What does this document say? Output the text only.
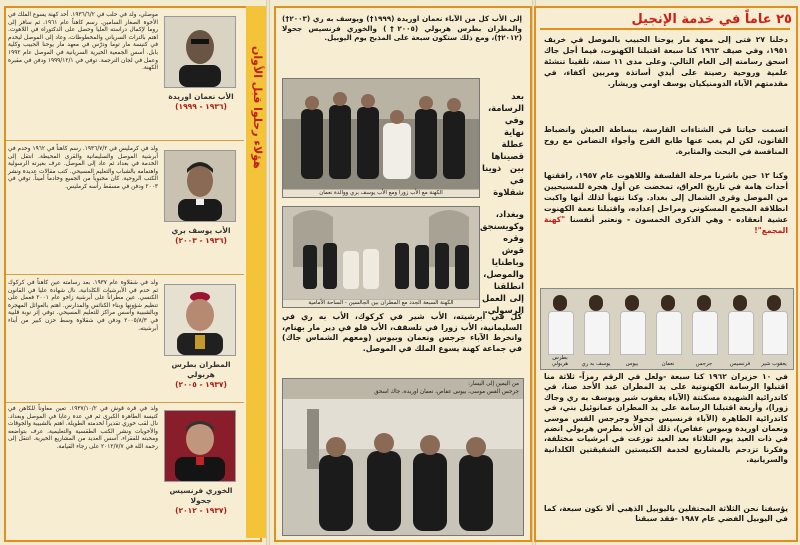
هؤلاء رحلوا قبل الأوان
موصلي، ولد في حلب في ١٩٣٦/٦/٢. أحد كهنة يسوع الملك في الأخوة الصغار السامين. رسم كاهناً عام ١٩٦١، ثم سافر إلى روما لإكمال دراسته العليا وحصل على الدكتوراه في اللاهوت. اهتم بالتراث السرياني والمخطوطات، وعاد إلى الموصل ليخدم في كنيسة مار توما ودرّس في معهد مار يوحنا الحبيب وكلية بابل. أسس الجمعية الخيرية السريانية في الموصل عام ١٩٩٢ وعمل في لجان الترجمة. توفي في ١٩٩٩/١٢/١ ودفن في مقبرة الكهنة.
الأب نعمان اوريدة
(١٩٣٦ - ١٩٩٩)
ولد في كرمليس في ١٩٣٦/٧/٢. رسم كاهناً في ١٩٦٢ وخدم في أبرشية الموصل والسليمانية والقرى المحيطة. انتقل إلى الخدمة في بغداد ثم عاد إلى الموصل. عرف بغيرته الرسولية واهتمامه بالشباب والتعليم المسيحي. كتب مقالات عديدة ونشر الكتب الروحية. كان محبوباً من الجميع وخادماً أميناً. توفي في ٢٠٠٣ ودفن في مسقط رأسه كرمليس.
الأب يوسف بري
(١٩٣٦ - ٢٠٠٣)
ولد في شقلاوة عام ١٩٣٧. بعد رسامته عين كاهناً في كركوك ثم خدم في الأبرشيات الكلدانية. نال شهادة عليا في القانون الكنسي. عين مطراناً على أبرشية زاخو عام ٢٠٠١ فعمل على تنظيم شؤونها وبناء الكنائس والمدارس. اهتم بالعوائل المهجرة وبالشبيبة وأسس مراكز للتعليم المسيحي. توفي إثر نوبة قلبية في ٢٠٠٥/٨/٣ ودفن في شقلاوة وسط حزن كبير من أبناء أبرشيته.
المطران بطرس هربولي
(١٩٣٧ - ٢٠٠٥)
ولد في قره قوش في ١٩٣٧/١٠/٢. تعين معاوناً للكاهن في كنيسة الطاهرة الكبرى ثم في عدة رعايا في الموصل وبغداد. نال لقب خوري تقديراً لخدمته الطويلة. اهتم بالشبيبة والجوقات والأخويات ونشر الكتب الطقسية والتعليمية. عرف بتواضعه ومحبته للفقراء. أسس العديد من المشاريع الخيرية. انتقل إلى رحمة الله في ٢٠١٢/٧/٧ على رجاء القيامة.
الخوري فرنسيس جحولا
(١٩٣٧ - ٢٠١٢)
إلى الأب كل من الآباء نعمان اوريدة (١٩٩٩†) ويوسف به ري (٢٠٠٣†) والمطران بطرس هربولي (٢٠٠٥†) والخوري فرنسيس جحولا (٢٠١٢†)، ومع ذلك ستكون سبعة على المذبح يوم اليوبيل.
الكهنة مع الأب زورا ومع الأب يوسف بري ووالدة نعمان
بعد الرسامة، وفي نهاية عطلة قصيناها بين ذوينا في شقلاوة
الكهنة السبعة الجدد مع المطران بين الجالسين - الساحة الأمامية
وبغداد، وكويسنجق وقره قوش وباطنايا والموصل، انطلقنا إلى العمل الرسولي.
كل في أبرشيته، الأب شير في كركوك، الأب به ري في السليمانية، الأب زورا في تلسقف، الأب قلو في دير مار بهنام، وانخرط الآباء جرجس ونعمان وبيوس (ومعهم الشماس جاك) في جماعة كهنة يسوع الملك في الموصل.
من اليمين إلى اليسار:
جرجس القس موسى، بيوس عفاص، نعمان اوريدة، جاك اسحق
٢٥ عاماً في خدمة الإنجيل
دخلنا ٢٧ فتى إلى معهد مار يوحنا الحبيب بالموصل في خريف ١٩٥١، وفي صيف ١٩٦٢ كنا سبعة اقتبلنا الكهنوت، فيما أجل جاك اسحق رسامته إلى العام التالي. وعلى مدى ١١ سنة، تلقينا تنشئة علمية وروحية رصينة على أيدي أساتذة ومربين أكفاء، في مقدمتهم الآباء الدومنيكيان يوسف اومي وريشار.
اتسمت حياتنا في الشتاءات القارسة، ببساطة العيش وانضباط القانون، لكن لم يغب عنها طابع الفرح وأجواء التضامن مع روح المنافسة في البحث والمثابرة.
وكنا ١٢ حين باشرنا مرحلة الفلسفة واللاهوت عام ١٩٥٧، رافقتها أحداث هامة في تاريخ العراق، تمخضت عن أول هجرة للمسيحيين من الموصل وقرى الشمال إلى بغداد. وكنا نتهيأ لذلك أنها واكبت انطلاقة المجمع المسكوني ومراحل إعداده، واقتبلنا نعمة الكهنوت عشية انعقاده - وهي الذكرى الخمسون - ونعتبر أنفسنا "كهنة المجمع"!
بطرس هربولي	يوسف به ري	بيوس	نعمان	جرجس	فرنسيس	يعقوب شير
في ١٠ حزيران ١٩٦٢ كنا سبعة -ولعل في الرقم رمزاً- ثلاثة منا اقتبلوا الرسامة الكهنوتية على يد المطران عبد الأحد صنا، في كاتدرائية الشهيدة مسكنتة (الآباء يعقوب شير ويوسف به ري وجاك زورا)، وأربعة اقتبلنا الرسامة على يد المطران عمانوئيل بني، في كاتدرائية الطاهرة (الآباء فرنسيس جحولا وجرجس القس موسى ونعمان اوريدة وبيوس عفاص)، ذلك أن الأب بطرس هربولي انضم في ذات العيد يوم الثلاثاء بعد العيد توزعت في أبرشيات مختلفة، وفكرنا تزدحم بالمشاريع لخدمة الكنيستين الشقيقتين الكلدانية والسريانية.
يؤسفنا نحن الثلاثة المحتفلين باليوبيل الذهبي ألا نكون سبعة، كما في اليوبيل الفضي عام ١٩٨٧ -فقد سبقنا
